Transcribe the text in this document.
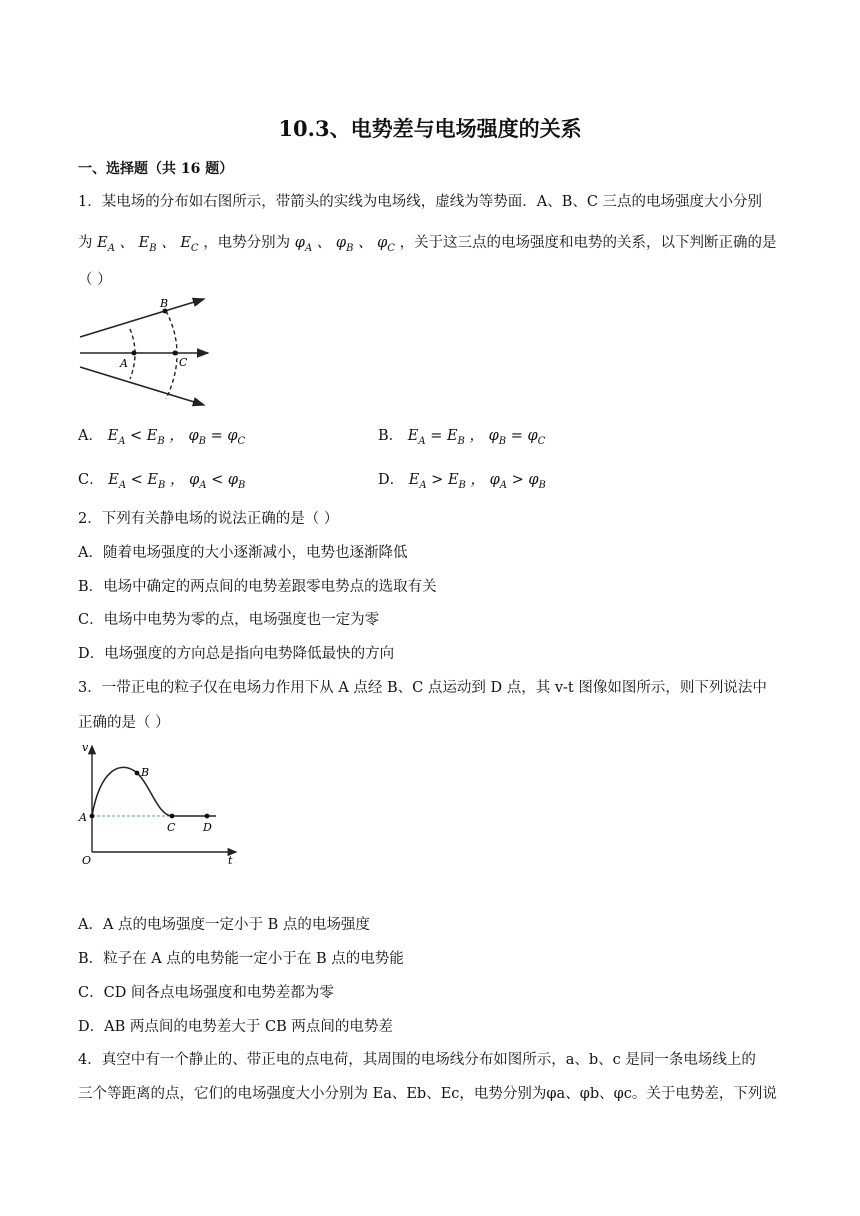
10.3、电势差与电场强度的关系
一、选择题（共 16 题）
1．某电场的分布如右图所示，带箭头的实线为电场线，虚线为等势面．A、B、C 三点的电场强度大小分别
为 $E_A$ 、 $E_B$ 、 $E_C$ ，电势分别为 $\varphi_A$ 、 $\varphi_B$ 、 $\varphi_C$ ，关于这三点的电场强度和电势的关系，以下判断正确的是
（ ）
A
B
C
A． $E_A < E_B$ ， $\varphi_B = \varphi_C$	B． $E_A = E_B$ ， $\varphi_B = \varphi_C$
C． $E_A < E_B$ ， $\varphi_A < \varphi_B$	D． $E_A > E_B$ ， $\varphi_A > \varphi_B$
2．下列有关静电场的说法正确的是（ ）
A．随着电场强度的大小逐渐减小，电势也逐渐降低
B．电场中确定的两点间的电势差跟零电势点的选取有关
C．电场中电势为零的点，电场强度也一定为零
D．电场强度的方向总是指向电势降低最快的方向
3．一带正电的粒子仅在电场力作用下从 A 点经 B、C 点运动到 D 点，其 v-t 图像如图所示，则下列说法中
正确的是（ ）
v
t
O
A
B
C	D
A．A 点的电场强度一定小于 B 点的电场强度
B．粒子在 A 点的电势能一定小于在 B 点的电势能
C．CD 间各点电场强度和电势差都为零
D．AB 两点间的电势差大于 CB 两点间的电势差
4．真空中有一个静止的、带正电的点电荷，其周围的电场线分布如图所示，a、b、c 是同一条电场线上的
三个等距离的点，它们的电场强度大小分别为 Ea、Eb、Ec，电势分别为φa、φb、φc。关于电势差，下列说
